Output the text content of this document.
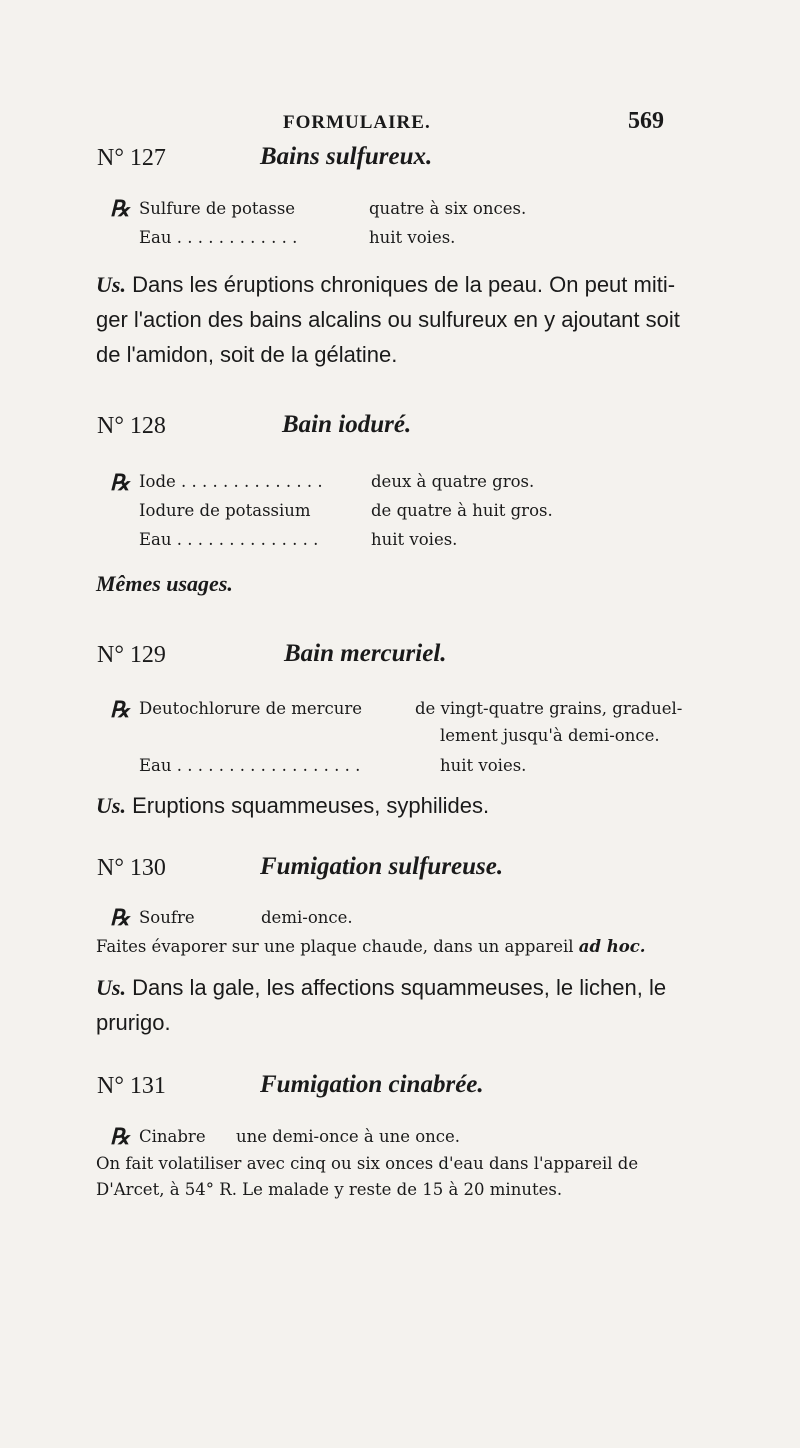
FORMULAIRE.	569
N° 127	Bains sulfureux.
℞ Sulfure de potasse	quatre à six onces.
Eau . . . . . . . . . . . .	huit voies.
Us. Dans les éruptions chroniques de la peau. On peut miti-
ger l'action des bains alcalins ou sulfureux en y ajoutant soit
de l'amidon, soit de la gélatine.
N° 128	Bain ioduré.
℞ Iode . . . . . . . . . . . . . .	deux à quatre gros.
Iodure de potassium	de quatre à huit gros.
Eau . . . . . . . . . . . . . .	huit voies.
Mêmes usages.
N° 129	Bain mercuriel.
℞ Deutochlorure de mercure	de vingt-quatre grains, graduel-
lement jusqu'à demi-once.
Eau . . . . . . . . . . . . . . . . . .	huit voies.
Us. Eruptions squammeuses, syphilides.
N° 130	Fumigation sulfureuse.
℞ Soufre	demi-once.
Faites évaporer sur une plaque chaude, dans un appareil ad hoc.
Us. Dans la gale, les affections squammeuses, le lichen, le
prurigo.
N° 131	Fumigation cinabrée.
℞ Cinabre une demi-once à une once.
On fait volatiliser avec cinq ou six onces d'eau dans l'appareil de
D'Arcet, à 54° R. Le malade y reste de 15 à 20 minutes.
